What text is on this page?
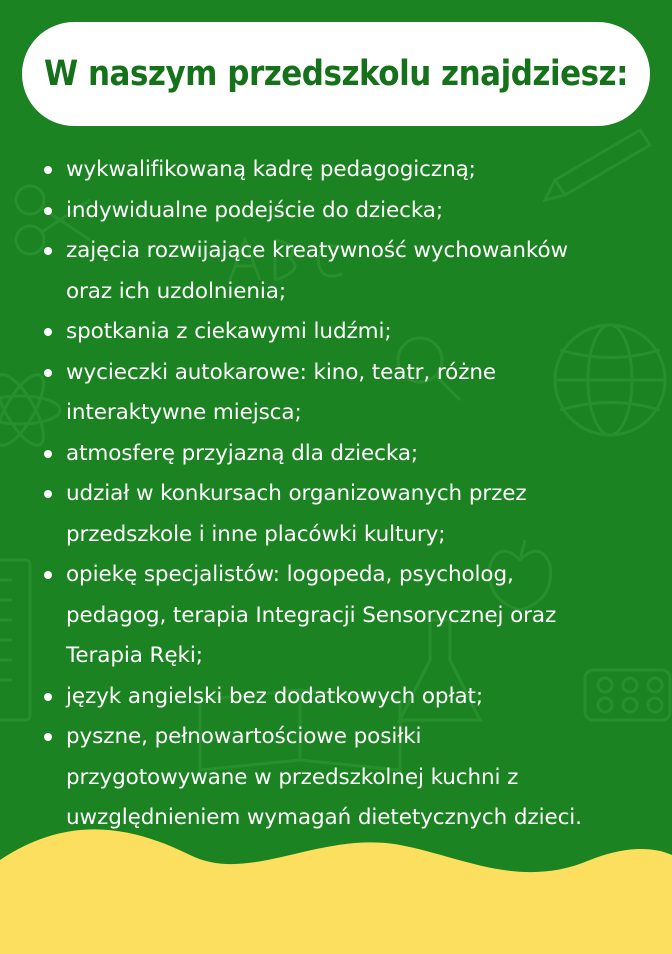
W naszym przedszkolu znajdziesz:
wykwalifikowaną kadrę pedagogiczną;
indywidualne podejście do dziecka;
zajęcia rozwijające kreatywność wychowanków
oraz ich uzdolnienia;
spotkania z ciekawymi ludźmi;
wycieczki autokarowe: kino, teatr, różne
interaktywne miejsca;
atmosferę przyjazną dla dziecka;
udział w konkursach organizowanych przez
przedszkole i inne placówki kultury;
opiekę specjalistów: logopeda, psycholog,
pedagog, terapia Integracji Sensorycznej oraz
Terapia Ręki;
język angielski bez dodatkowych opłat;
pyszne, pełnowartościowe posiłki
przygotowywane w przedszkolnej kuchni z
uwzględnieniem wymagań dietetycznych dzieci.
